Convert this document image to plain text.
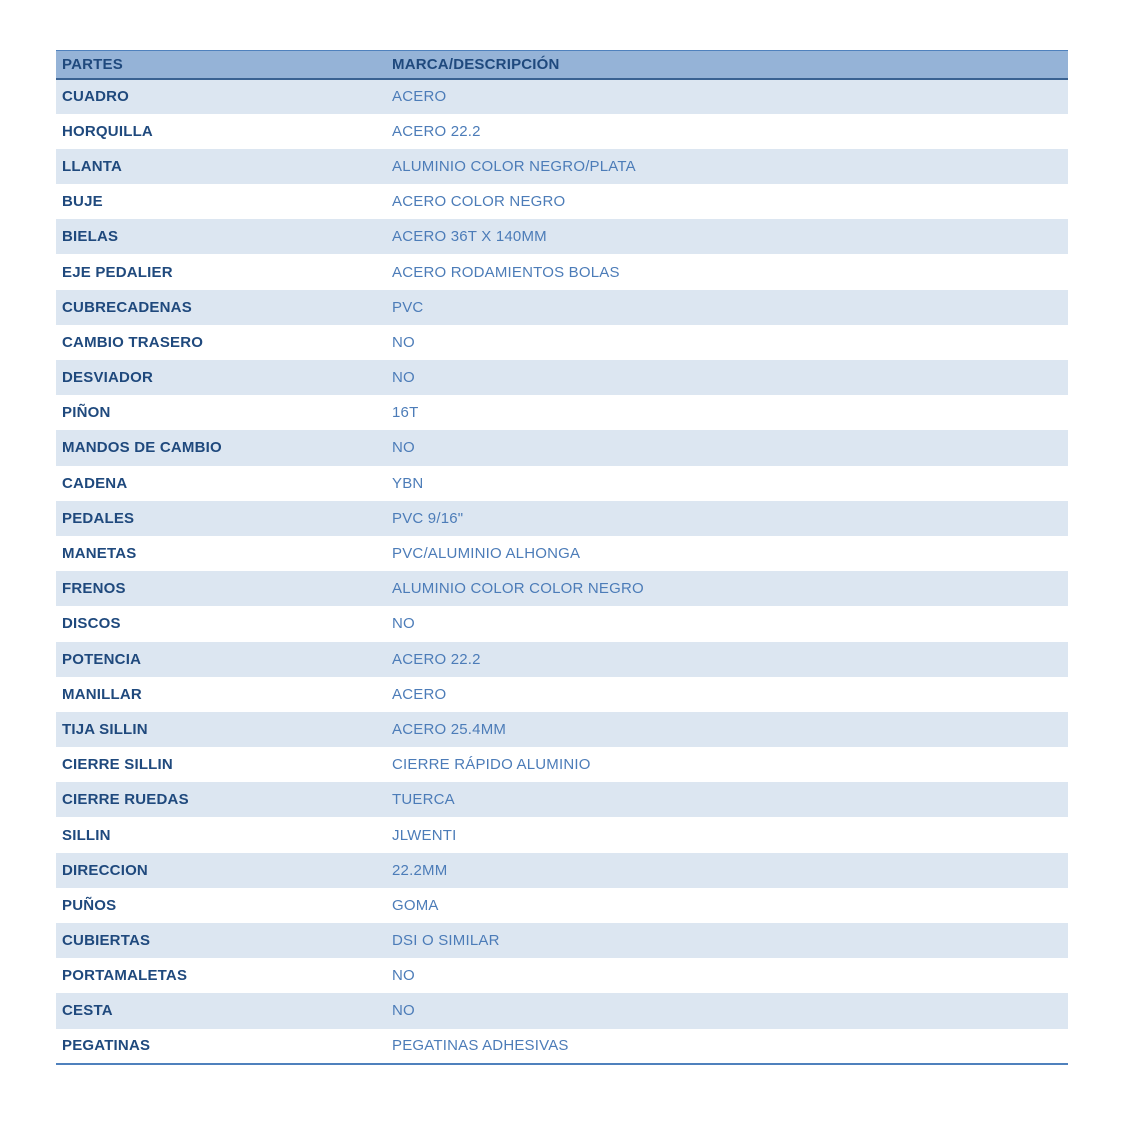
PARTES	MARCA/DESCRIPCIÓN
CUADRO	ACERO
HORQUILLA	ACERO 22.2
LLANTA	ALUMINIO COLOR NEGRO/PLATA
BUJE	ACERO COLOR NEGRO
BIELAS	ACERO 36T X 140MM
EJE PEDALIER	ACERO RODAMIENTOS BOLAS
CUBRECADENAS	PVC
CAMBIO TRASERO	NO
DESVIADOR	NO
PIÑON	16T
MANDOS DE CAMBIO	NO
CADENA	YBN
PEDALES	PVC 9/16"
MANETAS	PVC/ALUMINIO ALHONGA
FRENOS	ALUMINIO COLOR COLOR NEGRO
DISCOS	NO
POTENCIA	ACERO 22.2
MANILLAR	ACERO
TIJA SILLIN	ACERO 25.4MM
CIERRE SILLIN	CIERRE RÁPIDO ALUMINIO
CIERRE RUEDAS	TUERCA
SILLIN	JLWENTI
DIRECCION	22.2MM
PUÑOS	GOMA
CUBIERTAS	DSI O SIMILAR
PORTAMALETAS	NO
CESTA	NO
PEGATINAS	PEGATINAS ADHESIVAS
